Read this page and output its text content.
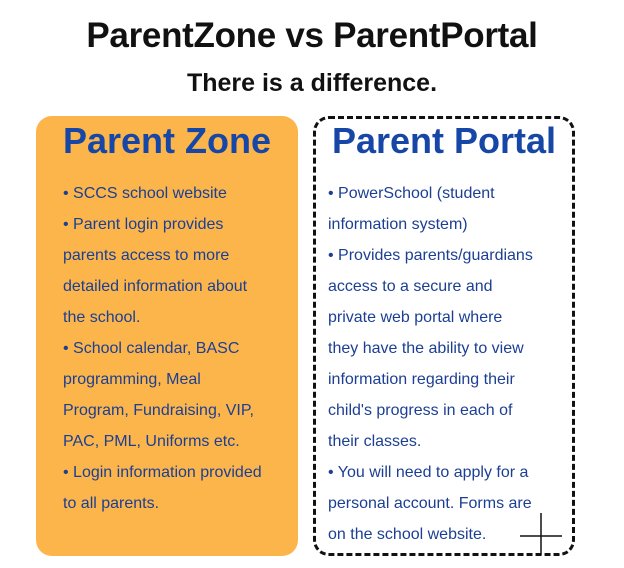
ParentZone vs ParentPortal
There is a difference.
Parent Zone
• SCCS school website
• Parent login provides
parents access to more
detailed information about
the school.
• School calendar, BASC
programming, Meal
Program, Fundraising, VIP,
PAC, PML, Uniforms etc.
• Login information provided
to all parents.
Parent Portal
• PowerSchool (student
information system)
• Provides parents/guardians
access to a secure and
private web portal where
they have the ability to view
information regarding their
child's progress in each of
their classes.
• You will need to apply for a
personal account. Forms are
on the school website.
